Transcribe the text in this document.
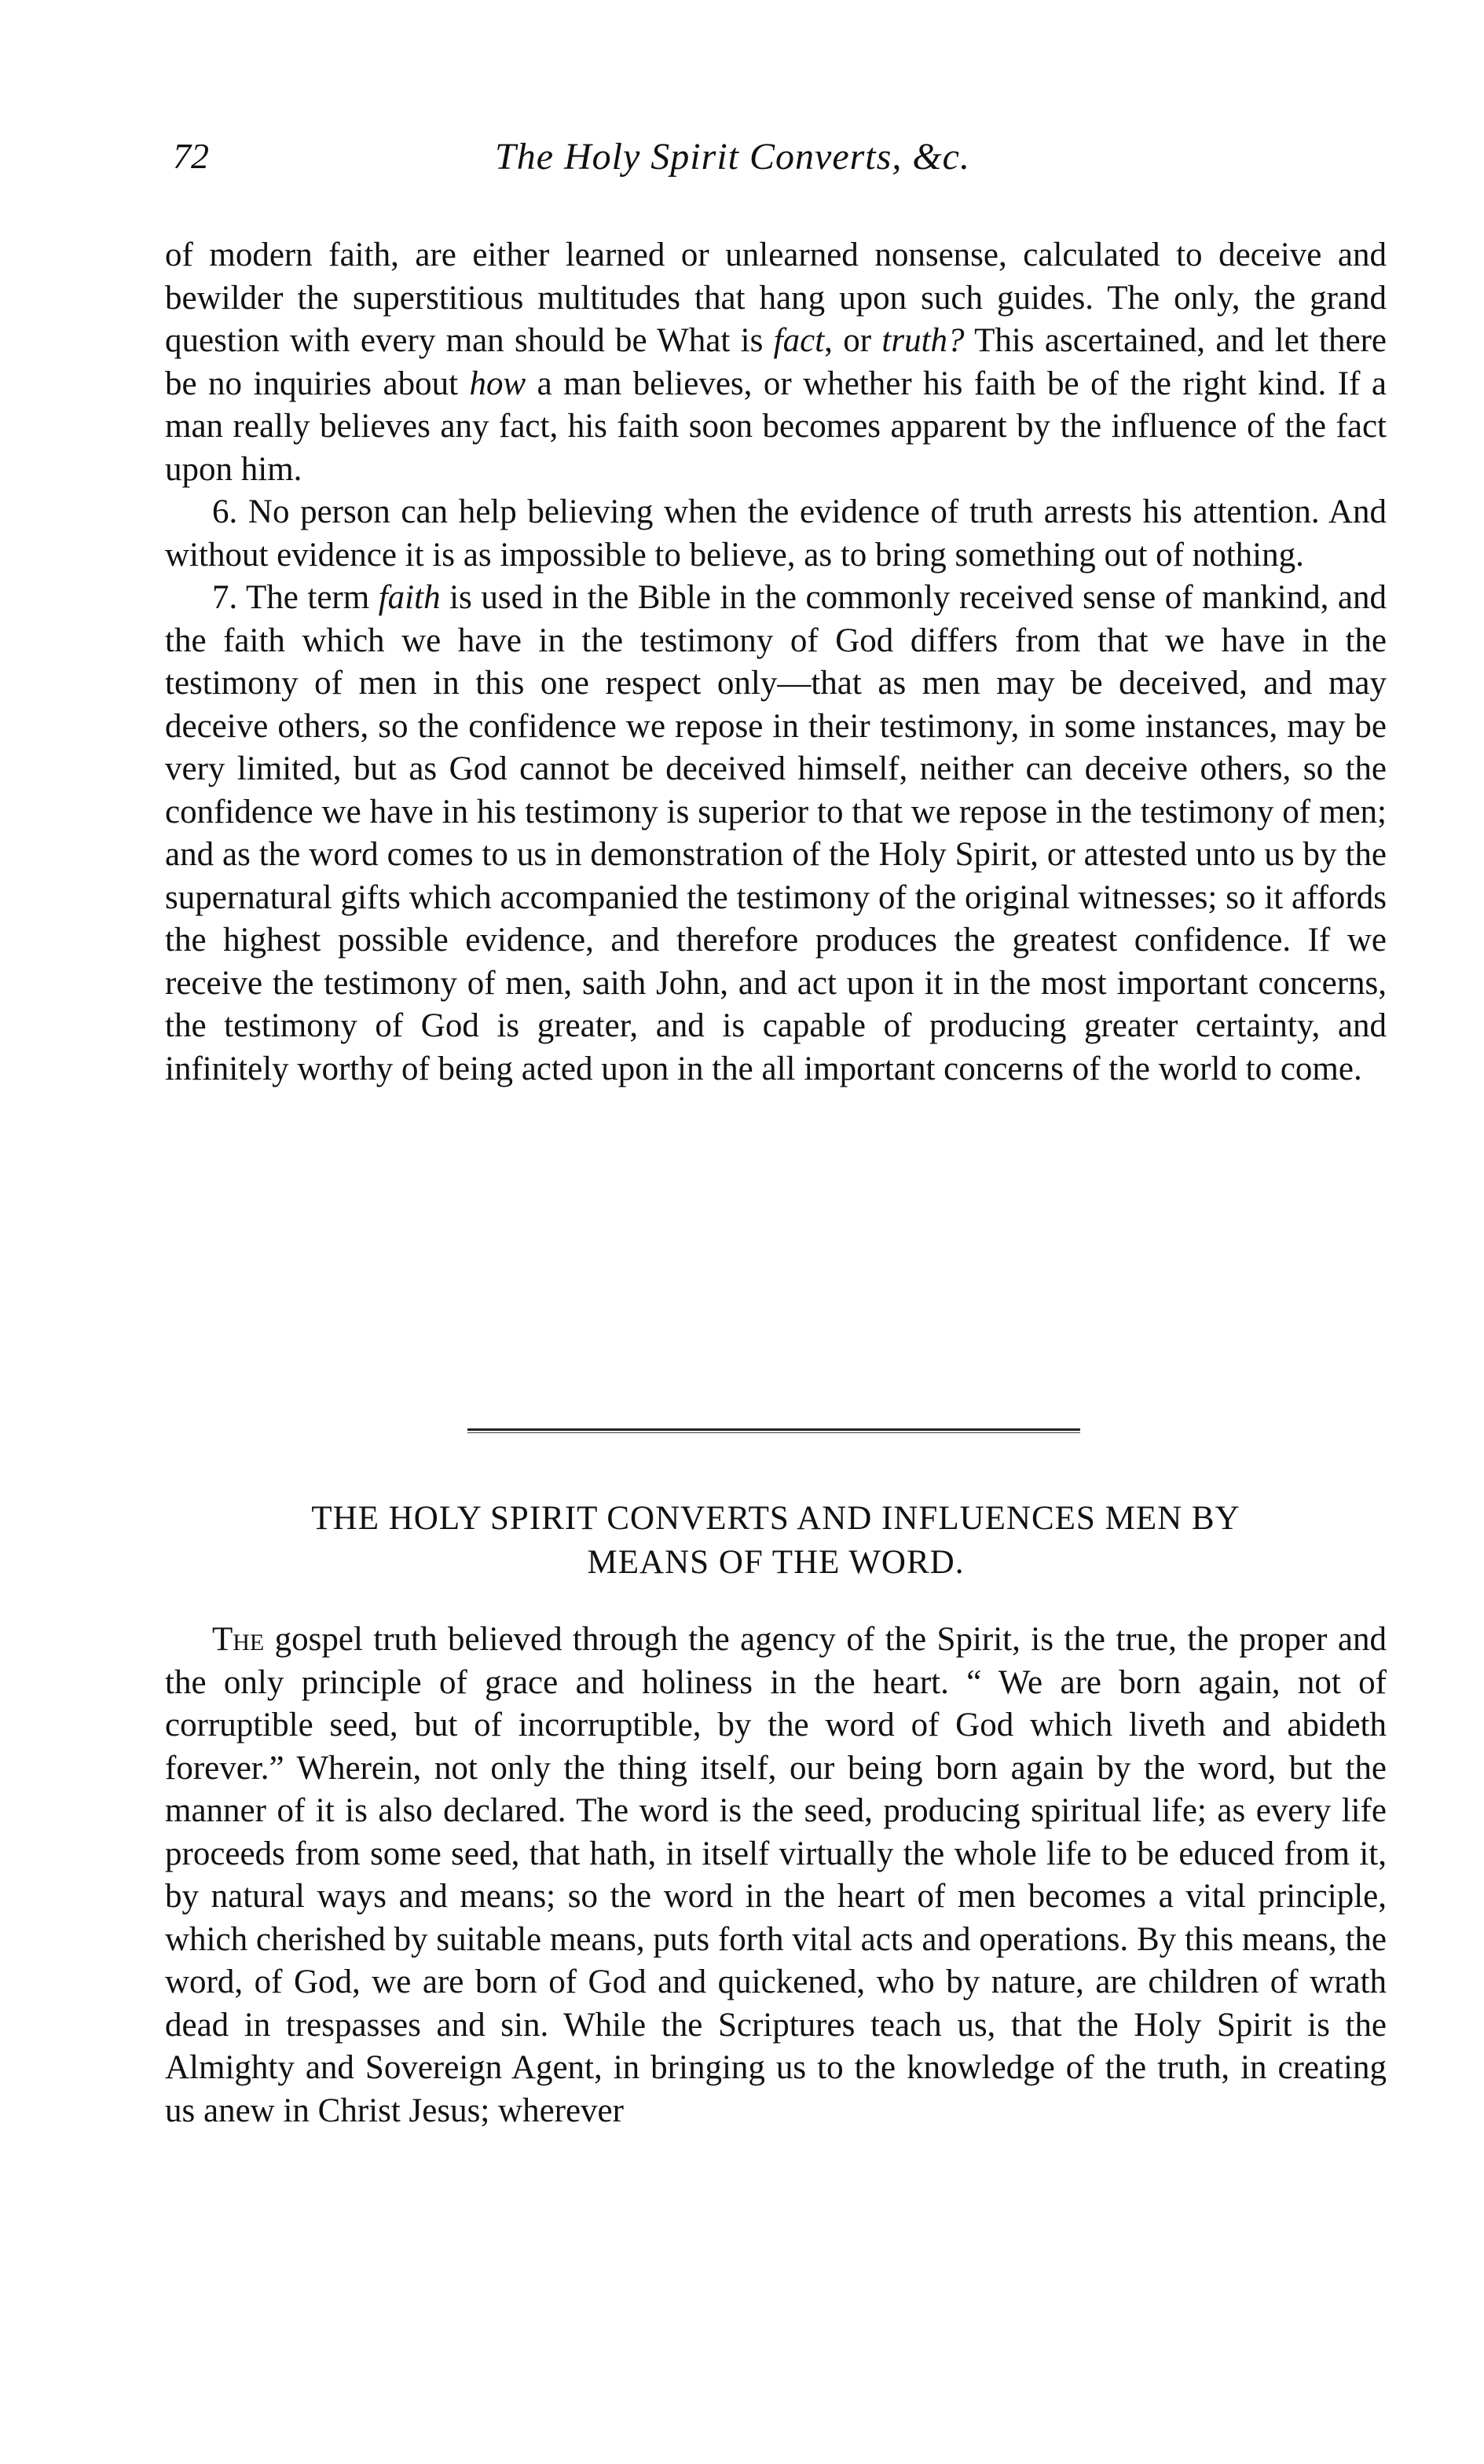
72	The Holy Spirit Converts, &c.

of modern faith, are either learned or unlearned nonsense, calculated to deceive and bewilder the superstitious multitudes that hang upon such guides. The only, the grand question with every man should be What is fact, or truth? This ascertained, and let there be no inquiries about how a man believes, or whether his faith be of the right kind. If a man really believes any fact, his faith soon becomes apparent by the influence of the fact upon him.

6. No person can help believing when the evidence of truth arrests his attention. And without evidence it is as impossible to believe, as to bring something out of nothing.

7. The term faith is used in the Bible in the commonly received sense of mankind, and the faith which we have in the testimony of God differs from that we have in the testimony of men in this one respect only—that as men may be deceived, and may deceive others, so the confidence we repose in their testimony, in some instances, may be very limited, but as God cannot be deceived himself, neither can deceive others, so the confidence we have in his testimony is superior to that we repose in the testimony of men; and as the word comes to us in demonstration of the Holy Spirit, or attested unto us by the supernatural gifts which accompanied the testimony of the original witnesses; so it affords the highest possible evidence, and therefore produces the greatest confidence. If we receive the testimony of men, saith John, and act upon it in the most important concerns, the testimony of God is greater, and is capable of producing greater certainty, and infinitely worthy of being acted upon in the all important concerns of the world to come.

THE HOLY SPIRIT CONVERTS AND INFLUENCES MEN BY
MEANS OF THE WORD.

The gospel truth believed through the agency of the Spirit, is the true, the proper and the only principle of grace and holiness in the heart. “ We are born again, not of corruptible seed, but of incorruptible, by the word of God which liveth and abideth forever.” Wherein, not only the thing itself, our being born again by the word, but the manner of it is also declared. The word is the seed, producing spiritual life; as every life proceeds from some seed, that hath, in itself virtually the whole life to be educed from it, by natural ways and means; so the word in the heart of men becomes a vital principle, which cherished by suitable means, puts forth vital acts and operations. By this means, the word, of God, we are born of God and quickened, who by nature, are children of wrath dead in trespasses and sin. While the Scriptures teach us, that the Holy Spirit is the Almighty and Sovereign Agent, in bringing us to the knowledge of the truth, in creating us anew in Christ Jesus; wherever
